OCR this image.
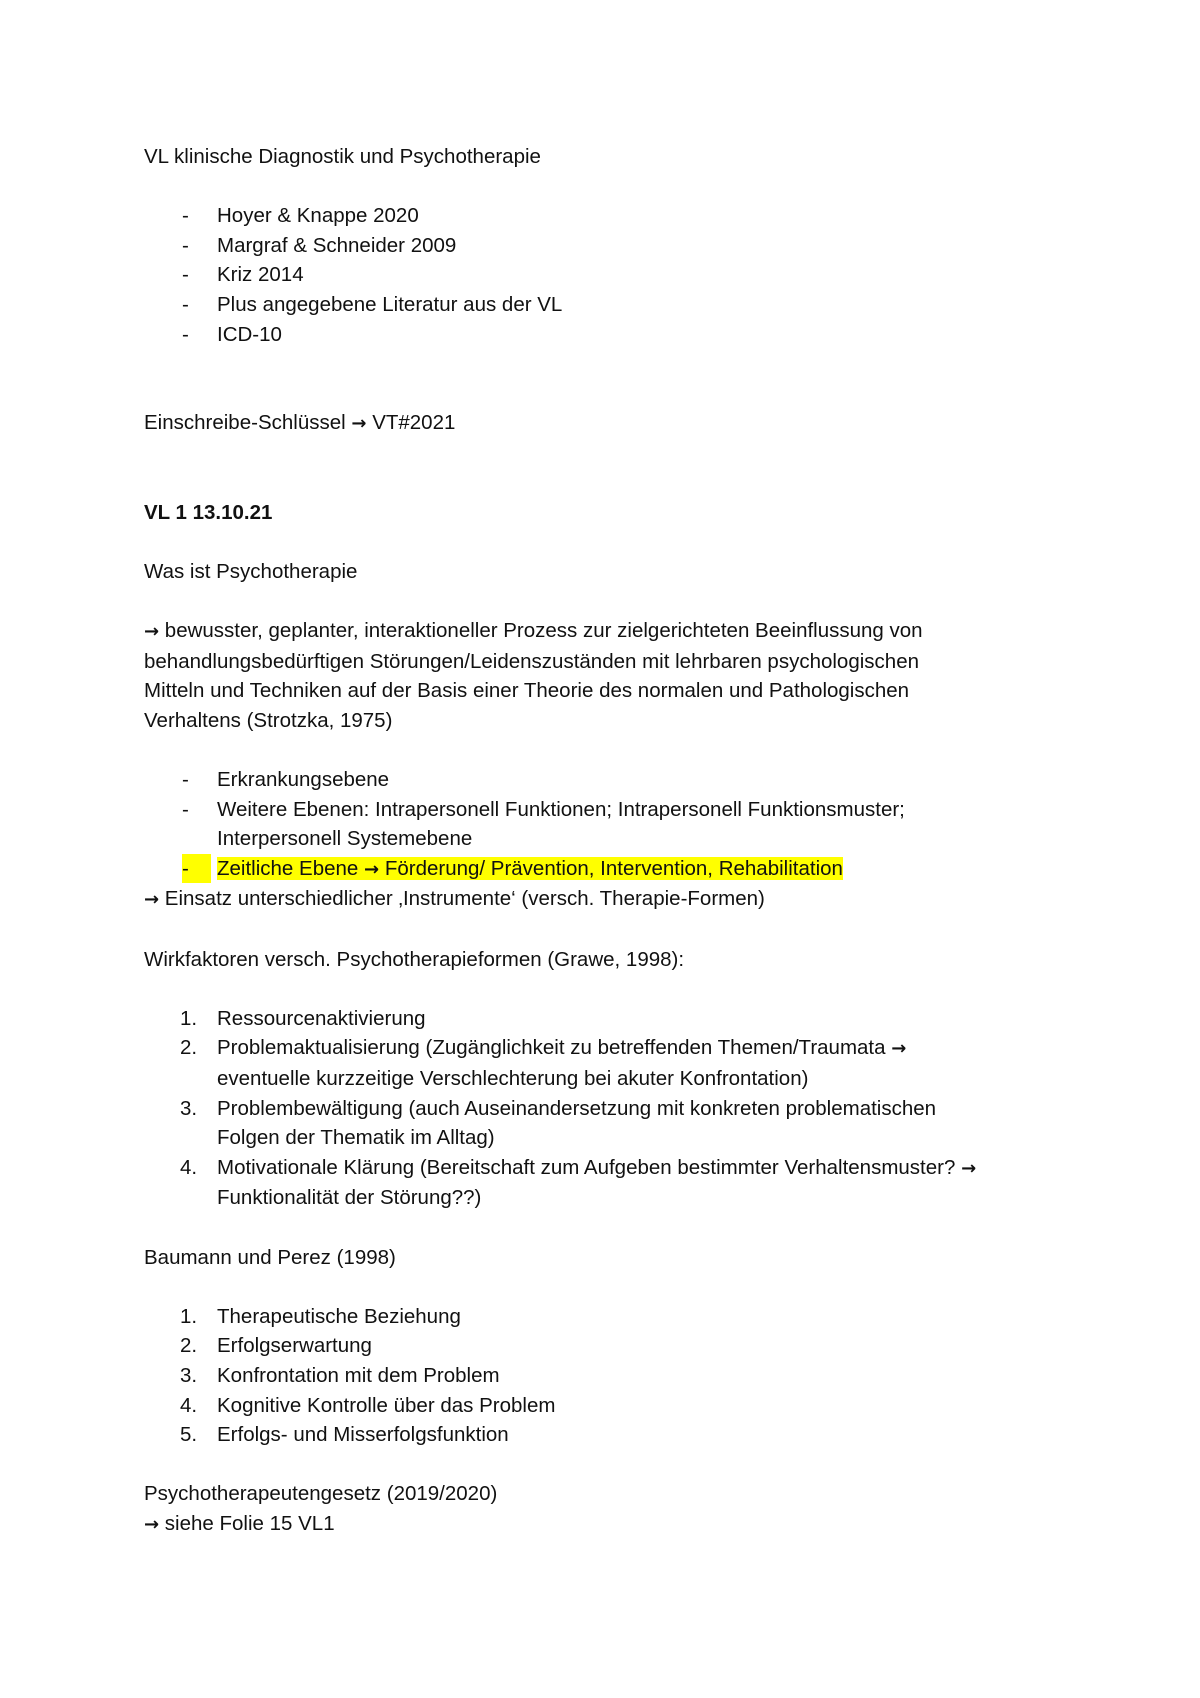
VL klinische Diagnostik und Psychotherapie

- Hoyer & Knappe 2020
- Margraf & Schneider 2009
- Kriz 2014
- Plus angegebene Literatur aus der VL
- ICD-10

Einschreibe-Schlüssel → VT#2021

VL 1 13.10.21

Was ist Psychotherapie

→ bewusster, geplanter, interaktioneller Prozess zur zielgerichteten Beeinflussung von

behandlungsbedürftigen Störungen/Leidenszuständen mit lehrbaren psychologischen

Mitteln und Techniken auf der Basis einer Theorie des normalen und Pathologischen

Verhaltens (Strotzka, 1975)

- Erkrankungsebene
- Weitere Ebenen: Intrapersonell Funktionen; Intrapersonell Funktionsmuster;
Interpersonell Systemebene
-	Zeitliche Ebene → Förderung/ Prävention, Intervention, Rehabilitation

→ Einsatz unterschiedlicher ‚Instrumente‘ (versch. Therapie-Formen)

Wirkfaktoren versch. Psychotherapieformen (Grawe, 1998):

1. Ressourcenaktivierung
2. Problemaktualisierung (Zugänglichkeit zu betreffenden Themen/Traumata →
eventuelle kurzzeitige Verschlechterung bei akuter Konfrontation)
3. Problembewältigung (auch Auseinandersetzung mit konkreten problematischen
Folgen der Thematik im Alltag)
4. Motivationale Klärung (Bereitschaft zum Aufgeben bestimmter Verhaltensmuster? →
Funktionalität der Störung??)

Baumann und Perez (1998)

1. Therapeutische Beziehung
2. Erfolgserwartung
3. Konfrontation mit dem Problem
4. Kognitive Kontrolle über das Problem
5. Erfolgs- und Misserfolgsfunktion

Psychotherapeutengesetz (2019/2020)

→ siehe Folie 15 VL1
